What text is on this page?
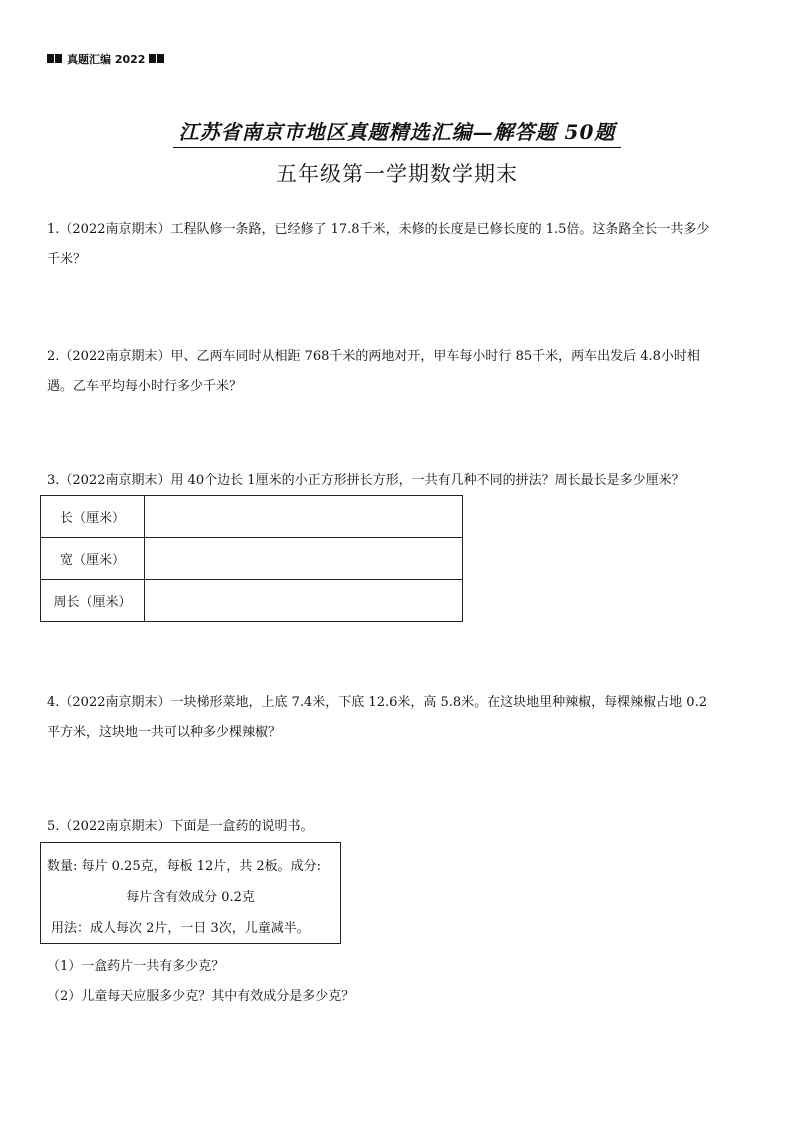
真题汇编 2022
江苏省南京市地区真题精选汇编—解答题 50题
五年级第一学期数学期末
1.（2022南京期末）工程队修一条路，已经修了 17.8千米，未修的长度是已修长度的 1.5倍。这条路全长一共多少
千米？
2.（2022南京期末）甲、乙两车同时从相距 768千米的两地对开，甲车每小时行 85千米，两车出发后 4.8小时相
遇。乙车平均每小时行多少千米？
3.（2022南京期末）用 40个边长 1厘米的小正方形拼长方形，一共有几种不同的拼法？周长最长是多少厘米？
长（厘米）	
宽（厘米）	
周长（厘米）	
4.（2022南京期末）一块梯形菜地，上底 7.4米，下底 12.6米，高 5.8米。在这块地里种辣椒，每棵辣椒占地 0.2
平方米，这块地一共可以种多少棵辣椒？
5.（2022南京期末）下面是一盒药的说明书。
数量: 每片 0.25克，每板 12片，共 2板。成分:
每片含有效成分 0.2克
用法：成人每次 2片，一日 3次，儿童减半。
（1）一盒药片一共有多少克？
（2）儿童每天应服多少克？其中有效成分是多少克？
